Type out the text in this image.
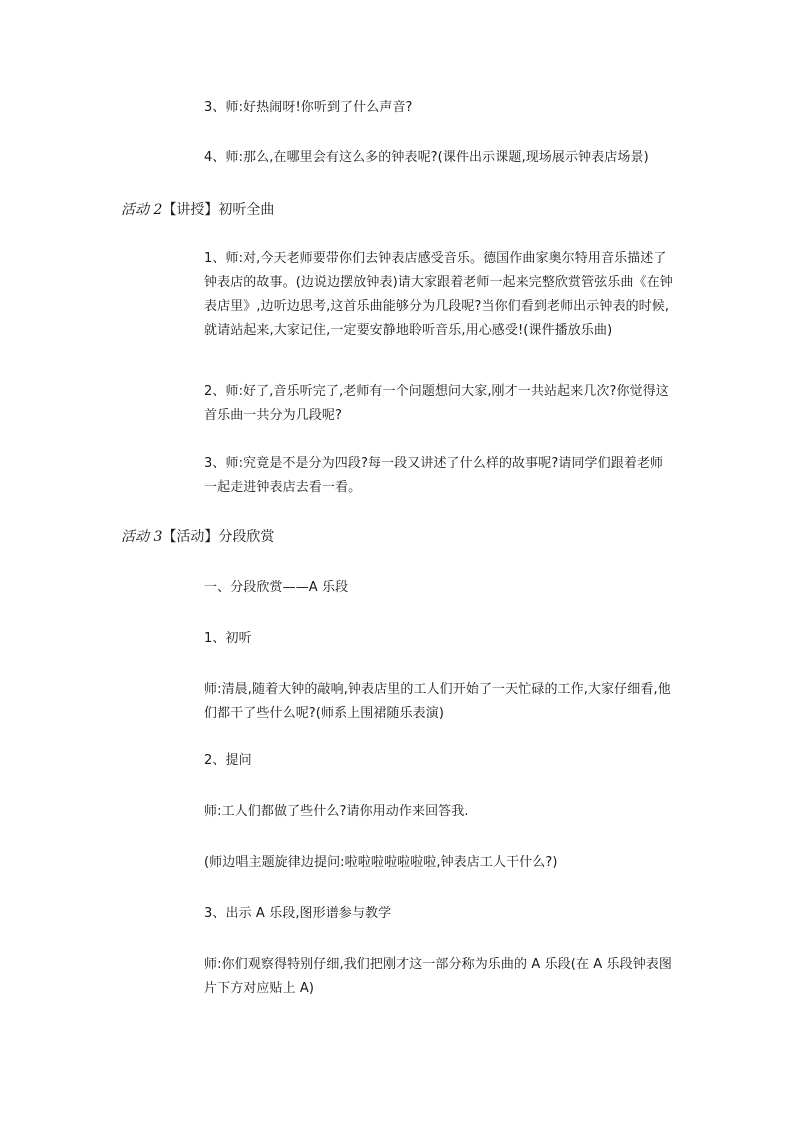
3、师:好热闹呀!你听到了什么声音?

4、师:那么,在哪里会有这么多的钟表呢?(课件出示课题,现场展示钟表店场景)

活动 2【讲授】初听全曲

1、师:对,今天老师要带你们去钟表店感受音乐。德国作曲家奥尔特用音乐描述了钟表店的故事。(边说边摆放钟表)请大家跟着老师一起来完整欣赏管弦乐曲《在钟表店里》,边听边思考,这首乐曲能够分为几段呢?当你们看到老师出示钟表的时候,就请站起来,大家记住,一定要安静地聆听音乐,用心感受!(课件播放乐曲)

2、师:好了,音乐听完了,老师有一个问题想问大家,刚才一共站起来几次?你觉得这首乐曲一共分为几段呢?

3、师:究竟是不是分为四段?每一段又讲述了什么样的故事呢?请同学们跟着老师一起走进钟表店去看一看。

活动 3【活动】分段欣赏

一、分段欣赏——A 乐段

1、初听

师:清晨,随着大钟的敲响,钟表店里的工人们开始了一天忙碌的工作,大家仔细看,他们都干了些什么呢?(师系上围裙随乐表演)

2、提问

师:工人们都做了些什么?请你用动作来回答我.

(师边唱主题旋律边提问:啦啦啦啦啦啦啦,钟表店工人干什么?)

3、出示 A 乐段,图形谱参与教学

师:你们观察得特别仔细,我们把刚才这一部分称为乐曲的 A 乐段(在 A 乐段钟表图片下方对应贴上 A)
